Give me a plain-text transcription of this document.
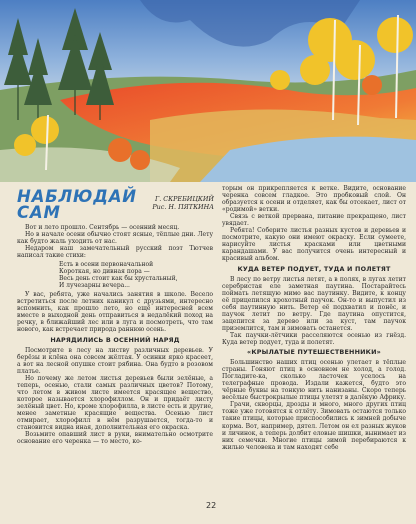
НАБЛЮДАЙ
САМ
Г. СКРЕБИЦКИЙ
Рис. Н. ПЯТКИНА

Вот и лето прошло. Сентябрь — осенний месяц.

Но в начале осени обычно стоят ясные, тёплые дни. Лету как будто жаль уходить от нас.

Недаром наш замечательный русский поэт Тютчев написал такие стихи:

Есть в осени первоначальной
Короткая, но дивная пора —
Весь день стоит как бы хрустальный,
И лучезарны вечера...

У вас, ребята, уже начались занятия в школе. Весело встретиться после летних каникул с друзьями, интересно вспомнить, как прошло лето, но ещё интересней всем вместе в выходной день отправиться в недалёкий поход на речку, в ближайший лес или в луга и посмотреть, что там нового, как встречает природа раннюю осень.

НАРЯДИЛИСЬ В ОСЕННИЙ НАРЯД

Посмотрите в лесу на листву различных деревьев. У берёзы и клёна она совсем жёлтая. У осинки ярко красеет, а вот на лесной опушке стоит рябина. Она будто в розовом платье.

Но почему же летом листья деревьев были зелёные, а теперь, осенью, стали самых различных цветов? Потому, что летом в живом листе имеется красящее вещество, которое называется хлорофиллом. Он и придаёт листу зелёный цвет. Но, кроме хлорофилла, в листе есть и другие, менее заметные красящие вещества. Осенью лист отмирает, хлорофилл в нём разрушается, тогда-то и становится видна иная, дополнительная его окраска.

Возьмите опавший лист в руки, внимательно осмотрите основание его черенка — то место, ко-

торым он прикрепляется к ветке. Видите, основание черенка совсем гладкое. Это пробковый слой. Он образуется к осени и отделяет, как бы отсекает, лист от «родимой» ветки.

Связь с веткой прервана, питание прекращено, лист увядает.

Ребята! Соберите листья разных кустов и деревьев и посмотрите, какую они имеют окраску. Если сумеете, нарисуйте листья красками или цветными карандашами. У вас получится очень интересный и красивый альбом.

КУДА ВЕТЕР ПОДУЕТ, ТУДА И ПОЛЕТЯТ

В лесу по ветру листья летят, а в полях, в лугах летит серебристая еле заметная паутина. Постарайтесь поймать летящую мимо вас паутинку. Видите, к концу её прицепился крохотный паучок. Он-то и выпустил из себя паутинную нить. Ветер её подхватил и понёс, и паучок летит по ветру. Где паутина опустится, зацепится за дерево или за куст, там паучок приземлится, там и зимовать останется.

Так паучки-лётчики расселяются осенью из гнёзд. Куда ветер подует, туда и полетят.

«КРЫЛАТЫЕ ПУТЕШЕСТВЕННИКИ»

Большинство наших птиц осенью улетает в тёплые страны. Гоняют птиц в основном не холод, а голод. Погладите-ка, сколько ласточек уселось на телеграфные провода. Издали кажется, будто это чёрные буквы на тонкую нить нанизаны. Скоро теперь весёлые быстрокрылые птицы улетят в далёкую Африку.

Грачи, скворцы, дрозды и много, много других птиц тоже уже готовятся к отлёту. Зимовать остаются только такие птицы, которые приспособились к зимней добыче корма. Вот, например, дятел. Летом он ел разных жуков и личинок, а теперь долбит еловые шишки, вынимает из них семечки. Многие птицы зимой перебираются к жилью человека и там находят себе

22
